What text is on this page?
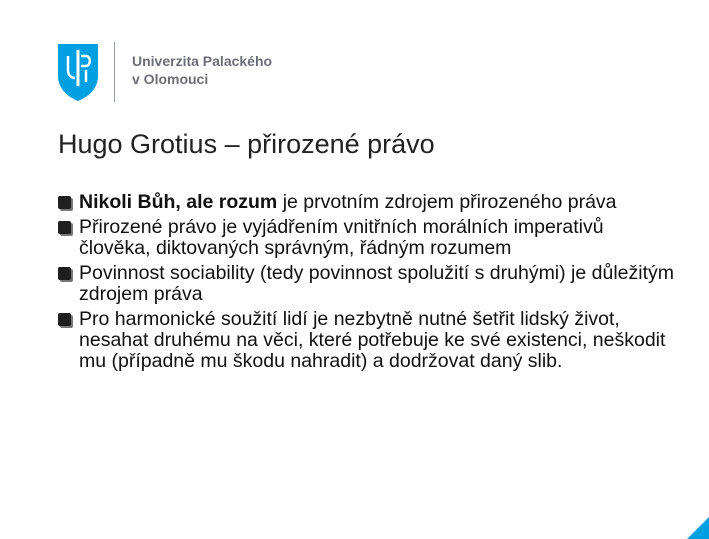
Univerzita Palackého
v Olomouci
Hugo Grotius – přirozené právo
Nikoli Bůh, ale rozum je prvotním zdrojem přirozeného práva
Přirozené právo je vyjádřením vnitřních morálních imperativů člověka, diktovaných správným, řádným rozumem
Povinnost sociability (tedy povinnost spolužití s druhými) je důležitým zdrojem práva
Pro harmonické soužití lidí je nezbytně nutné šetřit lidský život, nesahat druhému na věci, které potřebuje ke své existenci, neškodit mu (případně mu škodu nahradit) a dodržovat daný slib.
